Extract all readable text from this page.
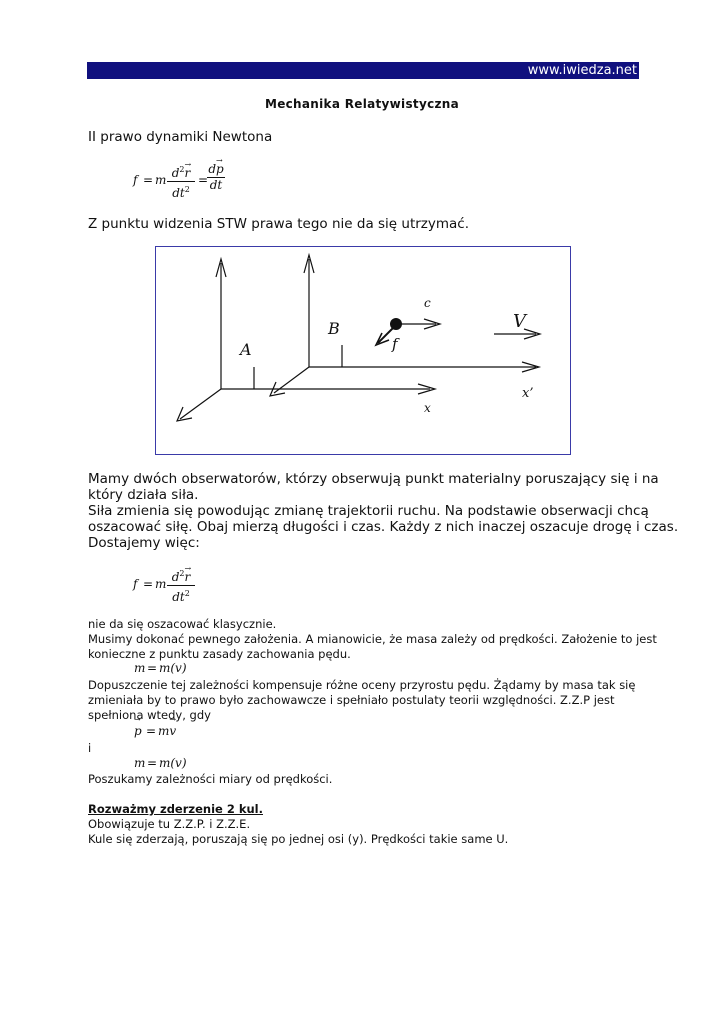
www.iwiedza.net
Mechanika Relatywistyczna

II prawo dynamiki Newtona

f = m $d^2\to r$
$dt^2$
=
d→ p
dt

Z punktu widzenia STW prawa tego nie da się utrzymać.

A
B
c
V
f
x
x’

Mamy dwóch obserwatorów, którzy obserwują punkt materialny poruszający się i na

który działa siła.

Siła zmienia się powodując zmianę trajektorii ruchu. Na podstawie obserwacji chcą

oszacować siłę. Obaj mierzą długości i czas. Każdy z nich inaczej oszacuje drogę i czas.

Dostajemy więc:

f = m $d^2\to r$
$dt^2$

nie da się oszacować klasycznie.

Musimy dokonać pewnego założenia. A mianowicie, że masa zależy od prędkości. Założenie to jest

konieczne z punktu zasady zachowania pędu.

m = m(v)

Dopuszczenie tej zależności kompensuje różne oceny przyrostu pędu. Żądamy by masa tak się

zmieniała by to prawo było zachowawcze i spełniało postulaty teorii względności. Z.Z.P jest

spełniona wtedy, gdy

→ p = m→ v

i

m = m(v)

Poszukamy zależności miary od prędkości.

Rozważmy zderzenie 2 kul.

Obowiązuje tu Z.Z.P. i Z.Z.E.

Kule się zderzają, poruszają się po jednej osi (y). Prędkości takie same U.
